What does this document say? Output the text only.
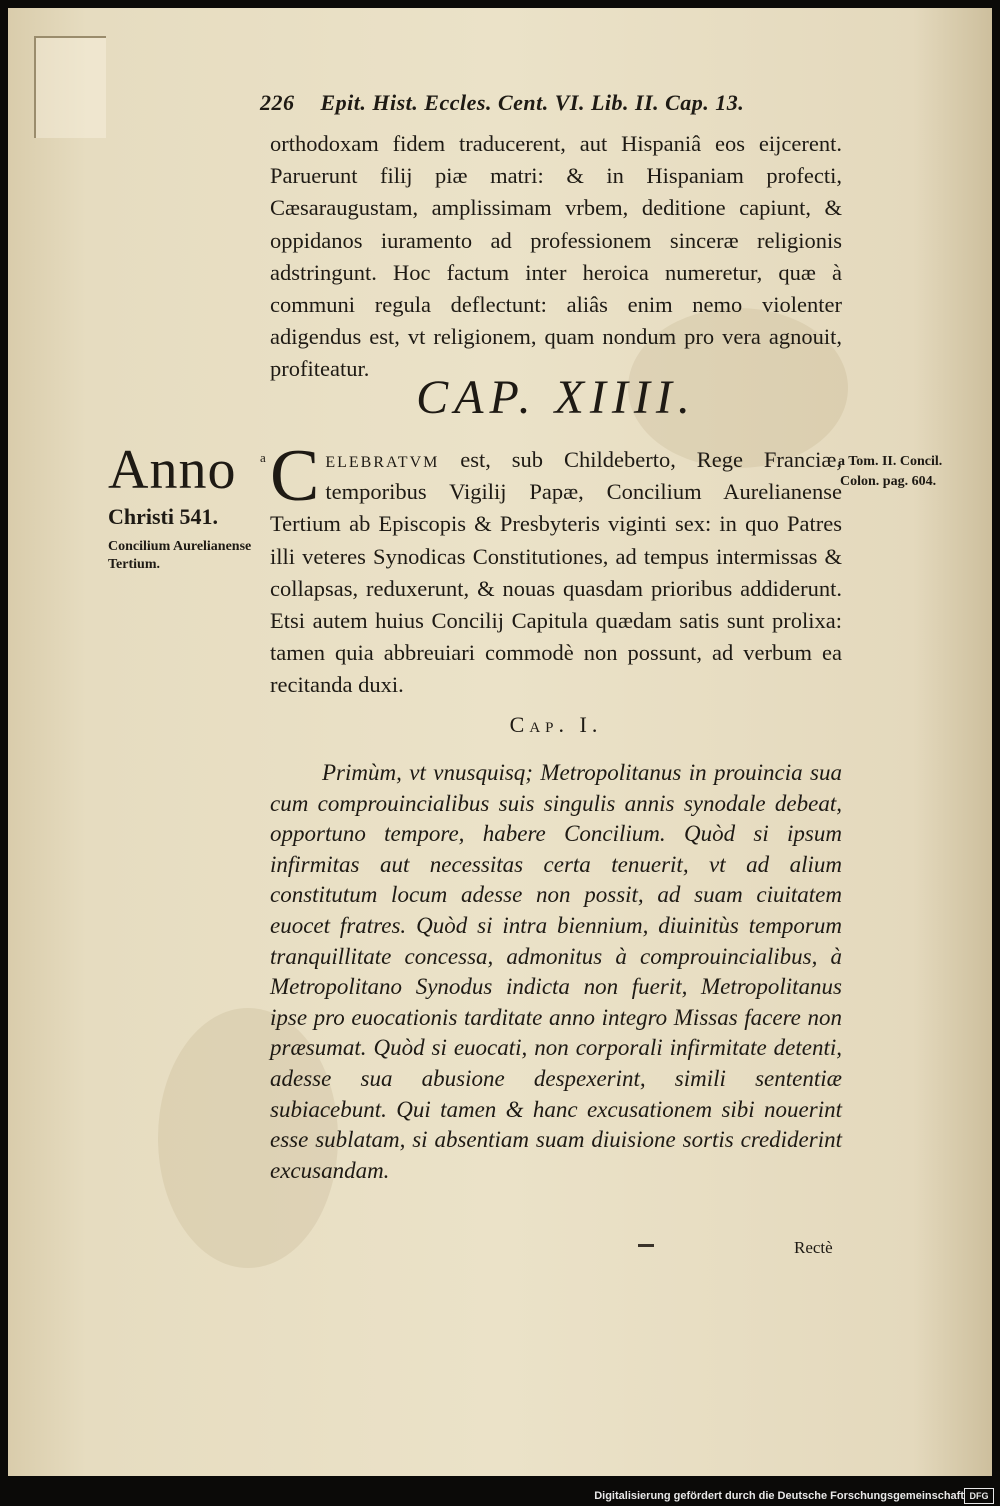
226 Epit. Hist. Eccles. Cent. VI. Lib. II. Cap. 13.

orthodoxam fidem traducerent, aut Hispaniâ eos eijcerent. Paruerunt filij piæ matri: & in Hispaniam profecti, Cæsaraugustam, amplissimam vrbem, deditione capiunt, & oppidanos iuramento ad professionem sinceræ religionis adstringunt. Hoc factum inter heroica numeretur, quæ à communi regula deflectunt: aliâs enim nemo violenter adigendus est, vt religionem, quam nondum pro vera agnouit, profiteatur.

CAP. XIIII.
Anno
Christi 541.
Concilium Aurelianense Tertium.
a Tom. II. Concil.
Colon. pag. 604.
a Celebratvm est, sub Childeberto, Rege Franciæ, temporibus Vigilij Papæ, Concilium Aurelianense Tertium ab Episcopis & Presbyteris viginti sex: in quo Patres illi veteres Synodicas Constitutiones, ad tempus intermissas & collapsas, reduxerunt, & nouas quasdam prioribus addiderunt. Etsi autem huius Concilij Capitula quædam satis sunt prolixa: tamen quia abbreuiari commodè non possunt, ad verbum ea recitanda duxi.

Cap. I.

Primùm, vt vnusquisq; Metropolitanus in prouincia sua cum comprouincialibus suis singulis annis synodale debeat, opportuno tempore, habere Concilium. Quòd si ipsum infirmitas aut necessitas certa tenuerit, vt ad alium constitutum locum adesse non possit, ad suam ciuitatem euocet fratres. Quòd si intra biennium, diuinitùs temporum tranquillitate concessa, admonitus à comprouincialibus, à Metropolitano Synodus indicta non fuerit, Metropolitanus ipse pro euocationis tarditate anno integro Missas facere non præsumat. Quòd si euocati, non corporali infirmitate detenti, adesse sua abusione despexerint, simili sententiæ subiacebunt. Qui tamen & hanc excusationem sibi nouerint esse sublatam, si absentiam suam diuisione sortis crediderint excusandam.

Rectè
Digitalisierung gefördert durch die Deutsche Forschungsgemeinschaft DFG
